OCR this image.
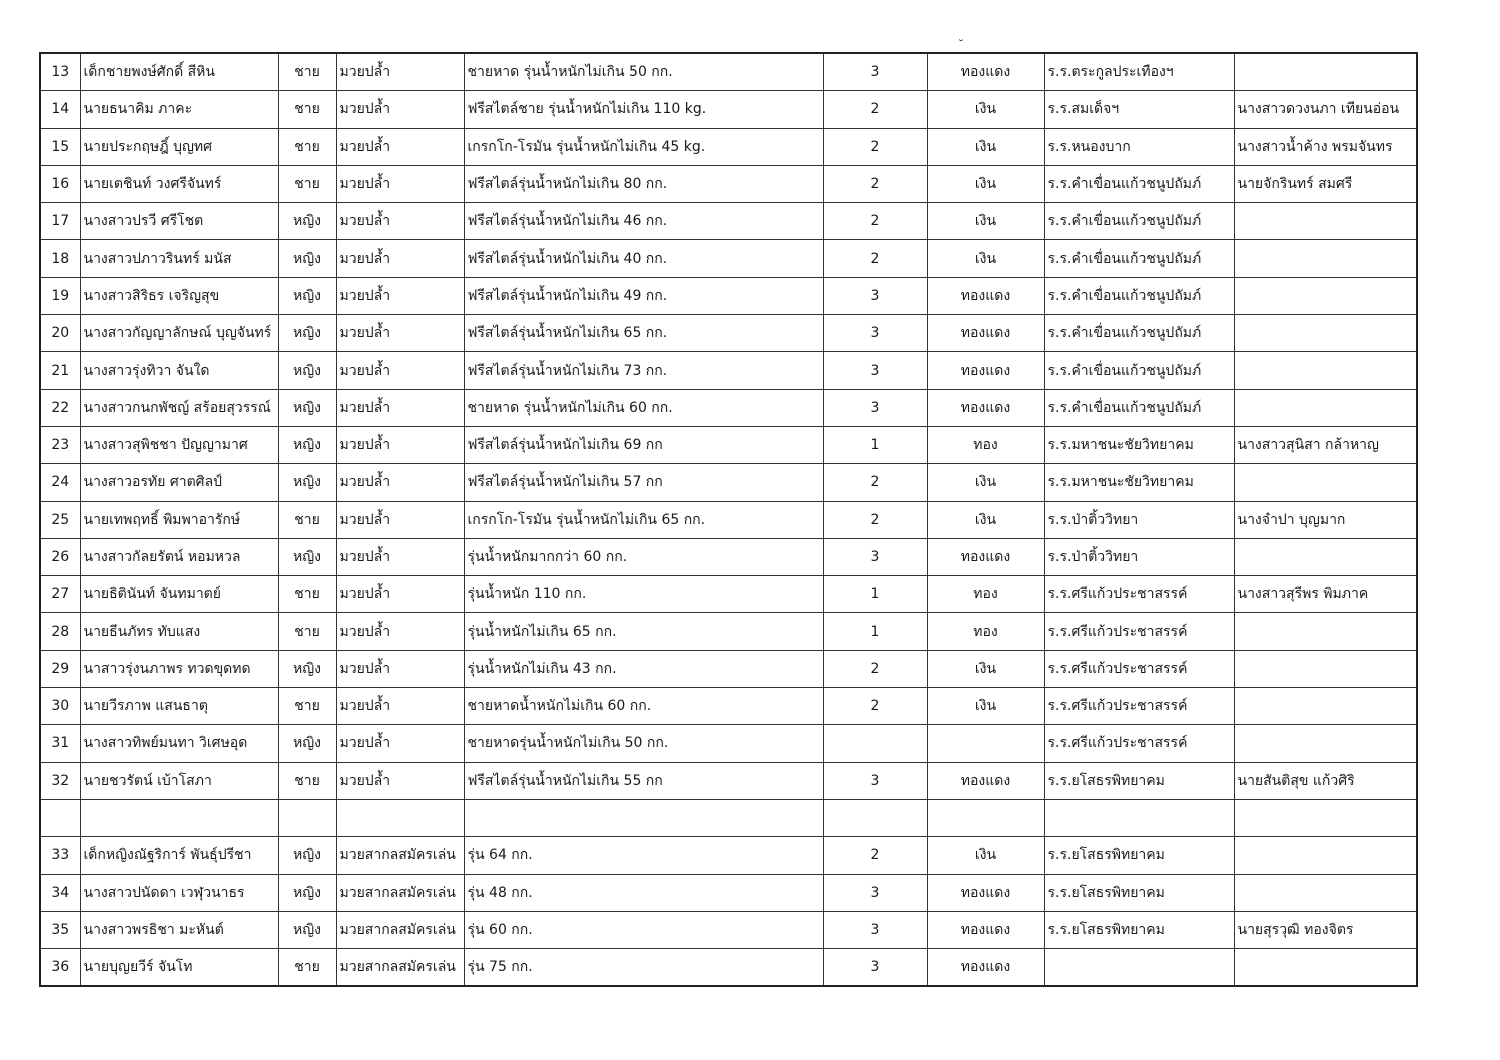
˘
13	เด็กชายพงษ์ศักดิ์ สีหิน	ชาย	มวยปล้ำ	ชายหาด รุ่นน้ำหนักไม่เกิน 50 กก.	3	ทองแดง	ร.ร.ตระกูลประเทืองฯ	
14	นายธนาคิม ภาคะ	ชาย	มวยปล้ำ	ฟรีสไตล์ชาย รุ่นน้ำหนักไม่เกิน 110 kg.	2	เงิน	ร.ร.สมเด็จฯ	นางสาวดวงนภา เทียนอ่อน
15	นายประกฤษฎิ์ บุญทศ	ชาย	มวยปล้ำ	เกรกโก-โรมัน รุ่นน้ำหนักไม่เกิน 45 kg.	2	เงิน	ร.ร.หนองบาก	นางสาวน้ำค้าง พรมจันทร
16	นายเตชินท์ วงศรีจันทร์	ชาย	มวยปล้ำ	ฟรีสไตล์รุ่นน้ำหนักไม่เกิน 80 กก.	2	เงิน	ร.ร.คำเขื่อนแก้วชนูปถัมภ์	นายจักรินทร์ สมศรี
17	นางสาวปรวี ศรีโชต	หญิง	มวยปล้ำ	ฟรีสไตล์รุ่นน้ำหนักไม่เกิน 46 กก.	2	เงิน	ร.ร.คำเขื่อนแก้วชนูปถัมภ์	
18	นางสาวปภาวรินทร์ มนัส	หญิง	มวยปล้ำ	ฟรีสไตล์รุ่นน้ำหนักไม่เกิน 40 กก.	2	เงิน	ร.ร.คำเขื่อนแก้วชนูปถัมภ์	
19	นางสาวสิริธร เจริญสุข	หญิง	มวยปล้ำ	ฟรีสไตล์รุ่นน้ำหนักไม่เกิน 49 กก.	3	ทองแดง	ร.ร.คำเขื่อนแก้วชนูปถัมภ์	
20	นางสาวกัญญาลักษณ์ บุญจันทร์	หญิง	มวยปล้ำ	ฟรีสไตล์รุ่นน้ำหนักไม่เกิน 65 กก.	3	ทองแดง	ร.ร.คำเขื่อนแก้วชนูปถัมภ์	
21	นางสาวรุ่งทิวา จันใด	หญิง	มวยปล้ำ	ฟรีสไตล์รุ่นน้ำหนักไม่เกิน 73 กก.	3	ทองแดง	ร.ร.คำเขื่อนแก้วชนูปถัมภ์	
22	นางสาวกนกพัชญ์ สร้อยสุวรรณ์	หญิง	มวยปล้ำ	ชายหาด รุ่นน้ำหนักไม่เกิน 60 กก.	3	ทองแดง	ร.ร.คำเขื่อนแก้วชนูปถัมภ์	
23	นางสาวสุพิชชา ปัญญามาศ	หญิง	มวยปล้ำ	ฟรีสไตล์รุ่นน้ำหนักไม่เกิน 69 กก	1	ทอง	ร.ร.มหาชนะชัยวิทยาคม	นางสาวสุนิสา กล้าหาญ
24	นางสาวอรทัย ศาตศิลป์	หญิง	มวยปล้ำ	ฟรีสไตล์รุ่นน้ำหนักไม่เกิน 57 กก	2	เงิน	ร.ร.มหาชนะชัยวิทยาคม	
25	นายเทพฤทธิ์ พิมพาอารักษ์	ชาย	มวยปล้ำ	เกรกโก-โรมัน รุ่นน้ำหนักไม่เกิน 65 กก.	2	เงิน	ร.ร.ป่าติ้ววิทยา	นางจำปา บุญมาก
26	นางสาวกัลยรัตน์ หอมหวล	หญิง	มวยปล้ำ	รุ่นน้ำหนักมากกว่า 60 กก.	3	ทองแดง	ร.ร.ป่าติ้ววิทยา	
27	นายธิตินันท์ จันทมาตย์	ชาย	มวยปล้ำ	รุ่นน้ำหนัก 110 กก.	1	ทอง	ร.ร.ศรีแก้วประชาสรรค์	นางสาวสุรีพร พิมภาค
28	นายธีนภัทร ทับแสง	ชาย	มวยปล้ำ	รุ่นน้ำหนักไม่เกิน 65 กก.	1	ทอง	ร.ร.ศรีแก้วประชาสรรค์	
29	นาสาวรุ่งนภาพร ทวดขุดทด	หญิง	มวยปล้ำ	รุ่นน้ำหนักไม่เกิน 43 กก.	2	เงิน	ร.ร.ศรีแก้วประชาสรรค์	
30	นายวีรภาพ แสนธาตุ	ชาย	มวยปล้ำ	ชายหาดน้ำหนักไม่เกิน 60 กก.	2	เงิน	ร.ร.ศรีแก้วประชาสรรค์	
31	นางสาวทิพย์มนทา วิเศษอุด	หญิง	มวยปล้ำ	ชายหาดรุ่นน้ำหนักไม่เกิน 50 กก.			ร.ร.ศรีแก้วประชาสรรค์	
32	นายชวรัตน์ เบ้าโสภา	ชาย	มวยปล้ำ	ฟรีสไตล์รุ่นน้ำหนักไม่เกิน 55 กก	3	ทองแดง	ร.ร.ยโสธรพิทยาคม	นายสันติสุข แก้วศิริ

33	เด็กหญิงณัฐริการ์ พันธุ์ปรีชา	หญิง	มวยสากลสมัครเล่น	รุ่น 64 กก.	2	เงิน	ร.ร.ยโสธรพิทยาคม	
34	นางสาวปนัดดา เวฬุวนาธร	หญิง	มวยสากลสมัครเล่น	รุ่น 48 กก.	3	ทองแดง	ร.ร.ยโสธรพิทยาคม	
35	นางสาวพรธิชา มะหันต์	หญิง	มวยสากลสมัครเล่น	รุ่น 60 กก.	3	ทองแดง	ร.ร.ยโสธรพิทยาคม	นายสุรวุฒิ ทองจิตร
36	นายบุญยวีร์ จันโท	ชาย	มวยสากลสมัครเล่น	รุ่น 75 กก.	3	ทองแดง		
